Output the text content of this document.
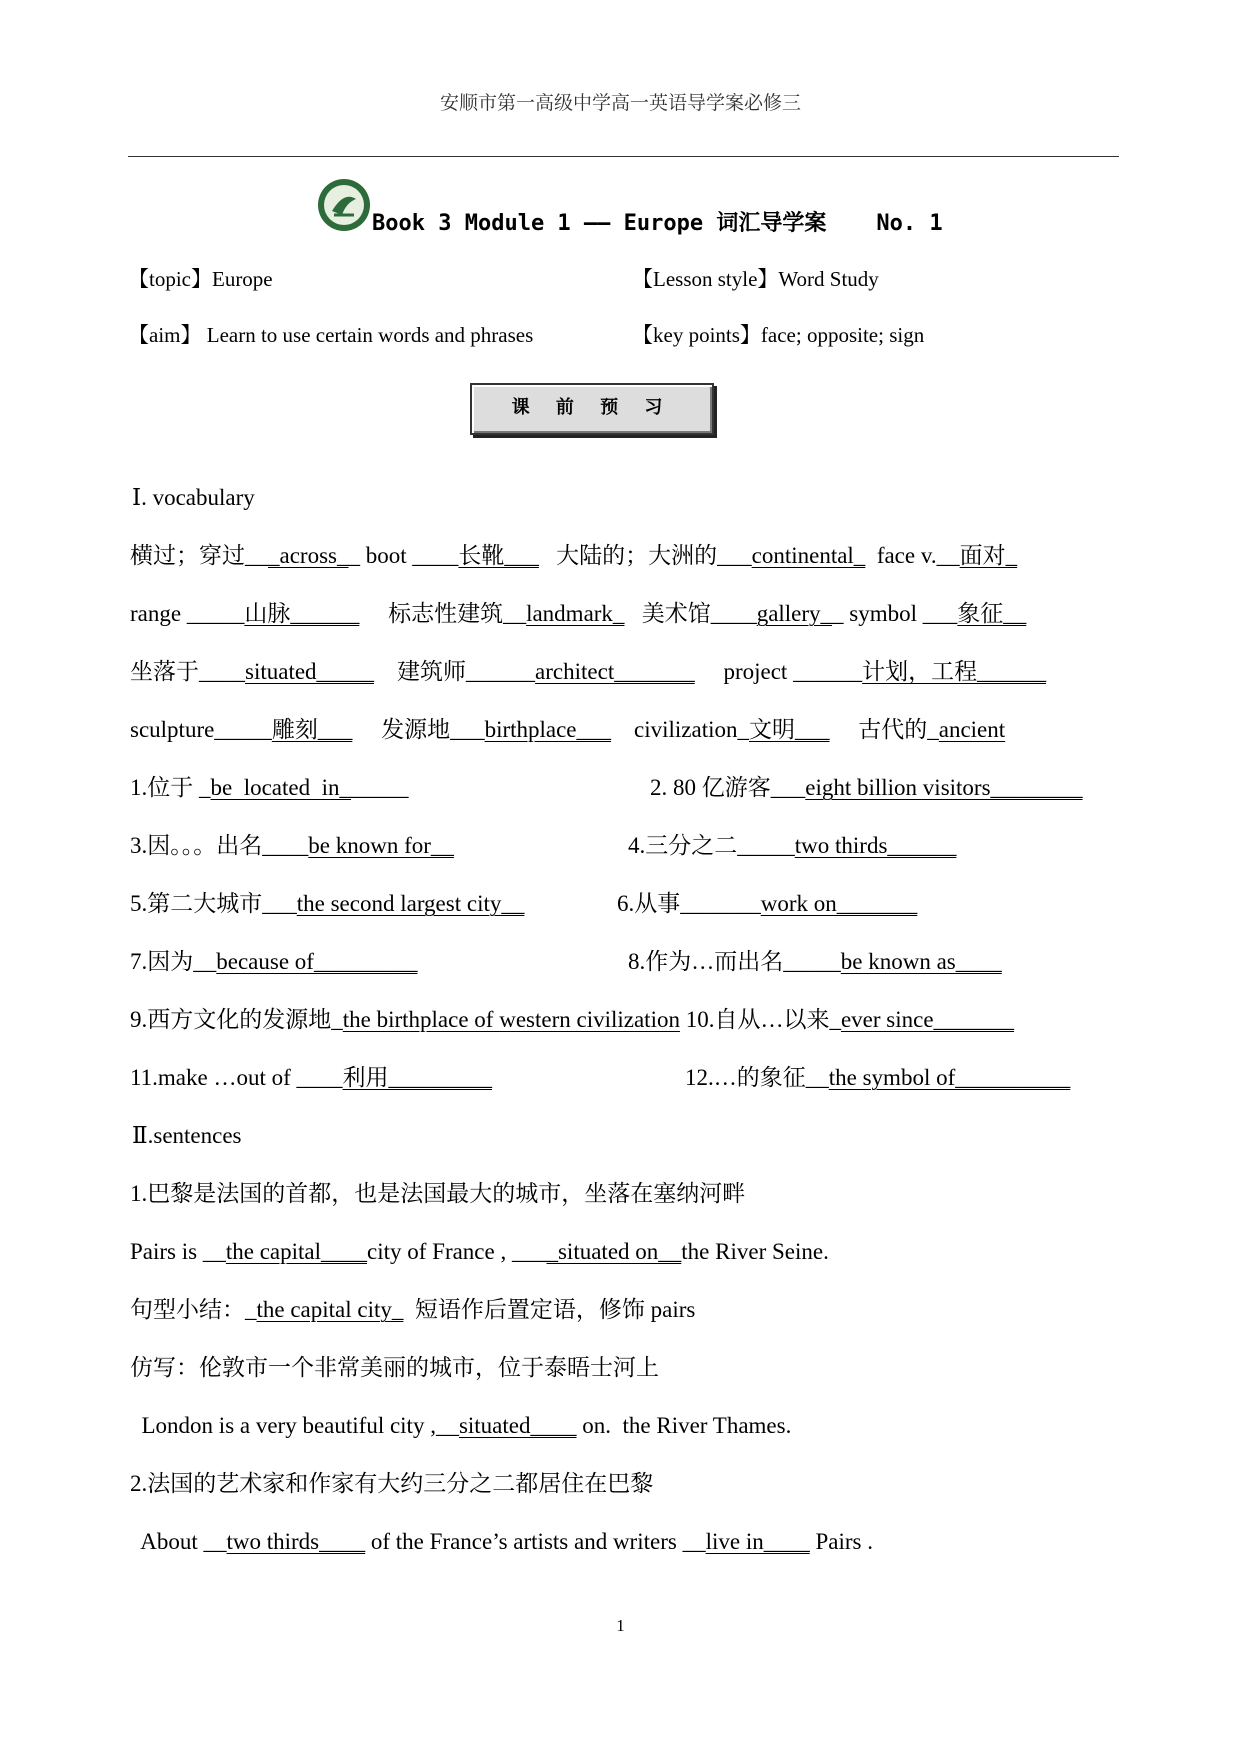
安顺市第一高级中学高一英语导学案必修三
Book 3 Module 1 —— Europe 词汇导学案 No. 1
【topic】Europe	【Lesson style】Word Study
【aim】 Learn to use certain words and phrases	【key points】face; opposite; sign
课 前 预 习
Ⅰ. vocabulary
横过；穿过___across__ boot ____长靴___   大陆的；大洲的___continental_  face v.__面对_
range _____山脉______     标志性建筑__landmark_   美术馆____gallery__ symbol ___象征__
坐落于____situated_____    建筑师______architect_______     project ______计划，工程______
sculpture_____雕刻___     发源地___birthplace___    civilization_文明___     古代的_ancient
1.位于 _be  located  in______	2. 80 亿游客___eight billion visitors________
3.因。。。出名____be known for__	4.三分之二_____two thirds______
5.第二大城市___the second largest city__	6.从事_______work on_______
7.因为__because of_________	8.作为…而出名_____be known as____
9.西方文化的发源地_the birthplace of western civilization 10.自从…以来_ever since_______
11.make …out of ____利用_________	12.…的象征__the symbol of__________
Ⅱ.sentences
1.巴黎是法国的首都，也是法国最大的城市，坐落在塞纳河畔
Pairs is __the capital____city of France , ____situated on__the River Seine.
句型小结：_the capital city_  短语作后置定语，修饰 pairs
仿写：伦敦市一个非常美丽的城市，位于泰晤士河上
London is a very beautiful city ,__situated____ on.  the River Thames.
2.法国的艺术家和作家有大约三分之二都居住在巴黎
About __two thirds____ of the France’s artists and writers __live in____ Pairs .
1
